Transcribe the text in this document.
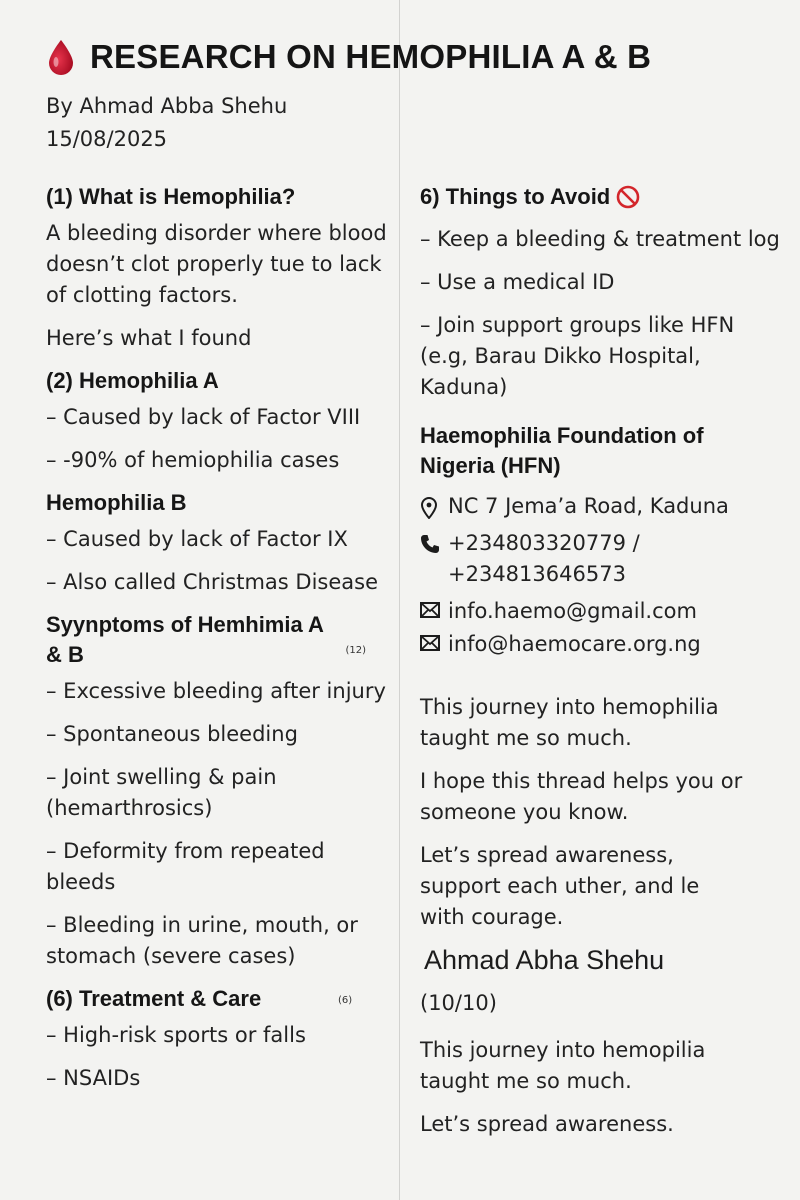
RESEARCH ON HEMOPHILIA A & B
By Ahmad Abba Shehu
15/08/2025
(1) What is Hemophilia?
A bleeding disorder where blood doesn’t clot properly tue to lack of clotting factors.
Here’s what I found
(2) Hemophilia A
– Caused by lack of Factor VIII
– -90% of hemiophilia cases
Hemophilia B
– Caused by lack of Factor IX
– Also called Christmas Disease
Syynptoms of Hemhimia A & B	(12)
– Excessive bleeding after injury
– Spontaneous bleeding
– Joint swelling & pain (hemarthrosics)
– Deformity from repeated bleeds
– Bleeding in urine, mouth, or stomach (severe cases)
(6) Treatment & Care	(6)
– High-risk sports or falls
– NSAIDs
6) Things to Avoid
– Keep a bleeding & treatment log
– Use a medical ID
– Join support groups like HFN (e.g, Barau Dikko Hospital, Kaduna)
Haemophilia Foundation of Nigeria (HFN)
NC 7 Jema’a Road, Kaduna
+234803320779 / +234813646573
info.haemo@gmail.com
info@haemocare.org.ng
This journey into hemophilia taught me so much.
I hope this thread helps you or someone you know.
Let’s spread awareness, support each uther, and le with courage.
Ahmad Abha Shehu
(10/10)
This journey into hemopilia taught me so much.
Let’s spread awareness.
